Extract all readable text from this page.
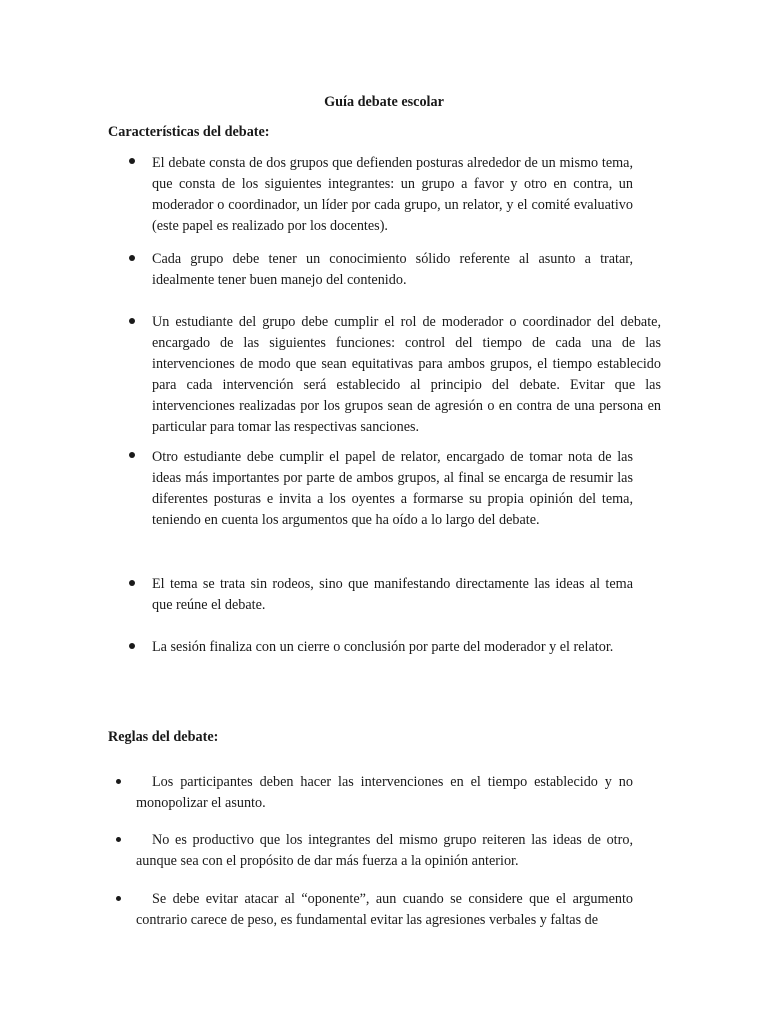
Guía debate escolar
Características del debate:

El debate consta de dos grupos que defienden posturas alrededor de un mismo tema, que consta de los siguientes integrantes: un grupo a favor y otro en contra, un moderador o coordinador, un líder por cada grupo, un relator, y el comité evaluativo (este papel es realizado por los docentes).

Cada grupo debe tener un conocimiento sólido referente al asunto a tratar, idealmente tener buen manejo del contenido.

Un estudiante del grupo debe cumplir el rol de moderador o coordinador del debate, encargado de las siguientes funciones: control del tiempo de cada una de las intervenciones de modo que sean equitativas para ambos grupos, el tiempo establecido para cada intervención será establecido al principio del debate. Evitar que las intervenciones realizadas por los grupos sean de agresión o en contra de una persona en particular para tomar las respectivas sanciones.

Otro estudiante debe cumplir el papel de relator, encargado de tomar nota de las ideas más importantes por parte de ambos grupos, al final se encarga de resumir las diferentes posturas e invita a los oyentes a formarse su propia opinión del tema, teniendo en cuenta los argumentos que ha oído a lo largo del debate.

El tema se trata sin rodeos, sino que manifestando directamente las ideas al tema que reúne el debate.

La sesión finaliza con un cierre o conclusión por parte del moderador y el relator.

Reglas del debate:

Los participantes deben hacer las intervenciones en el tiempo establecido y no monopolizar el asunto.

No es productivo que los integrantes del mismo grupo reiteren las ideas de otro, aunque sea con el propósito de dar más fuerza a la opinión anterior.

Se debe evitar atacar al “oponente”, aun cuando se considere que el argumento contrario carece de peso, es fundamental evitar las agresiones verbales y faltas de
